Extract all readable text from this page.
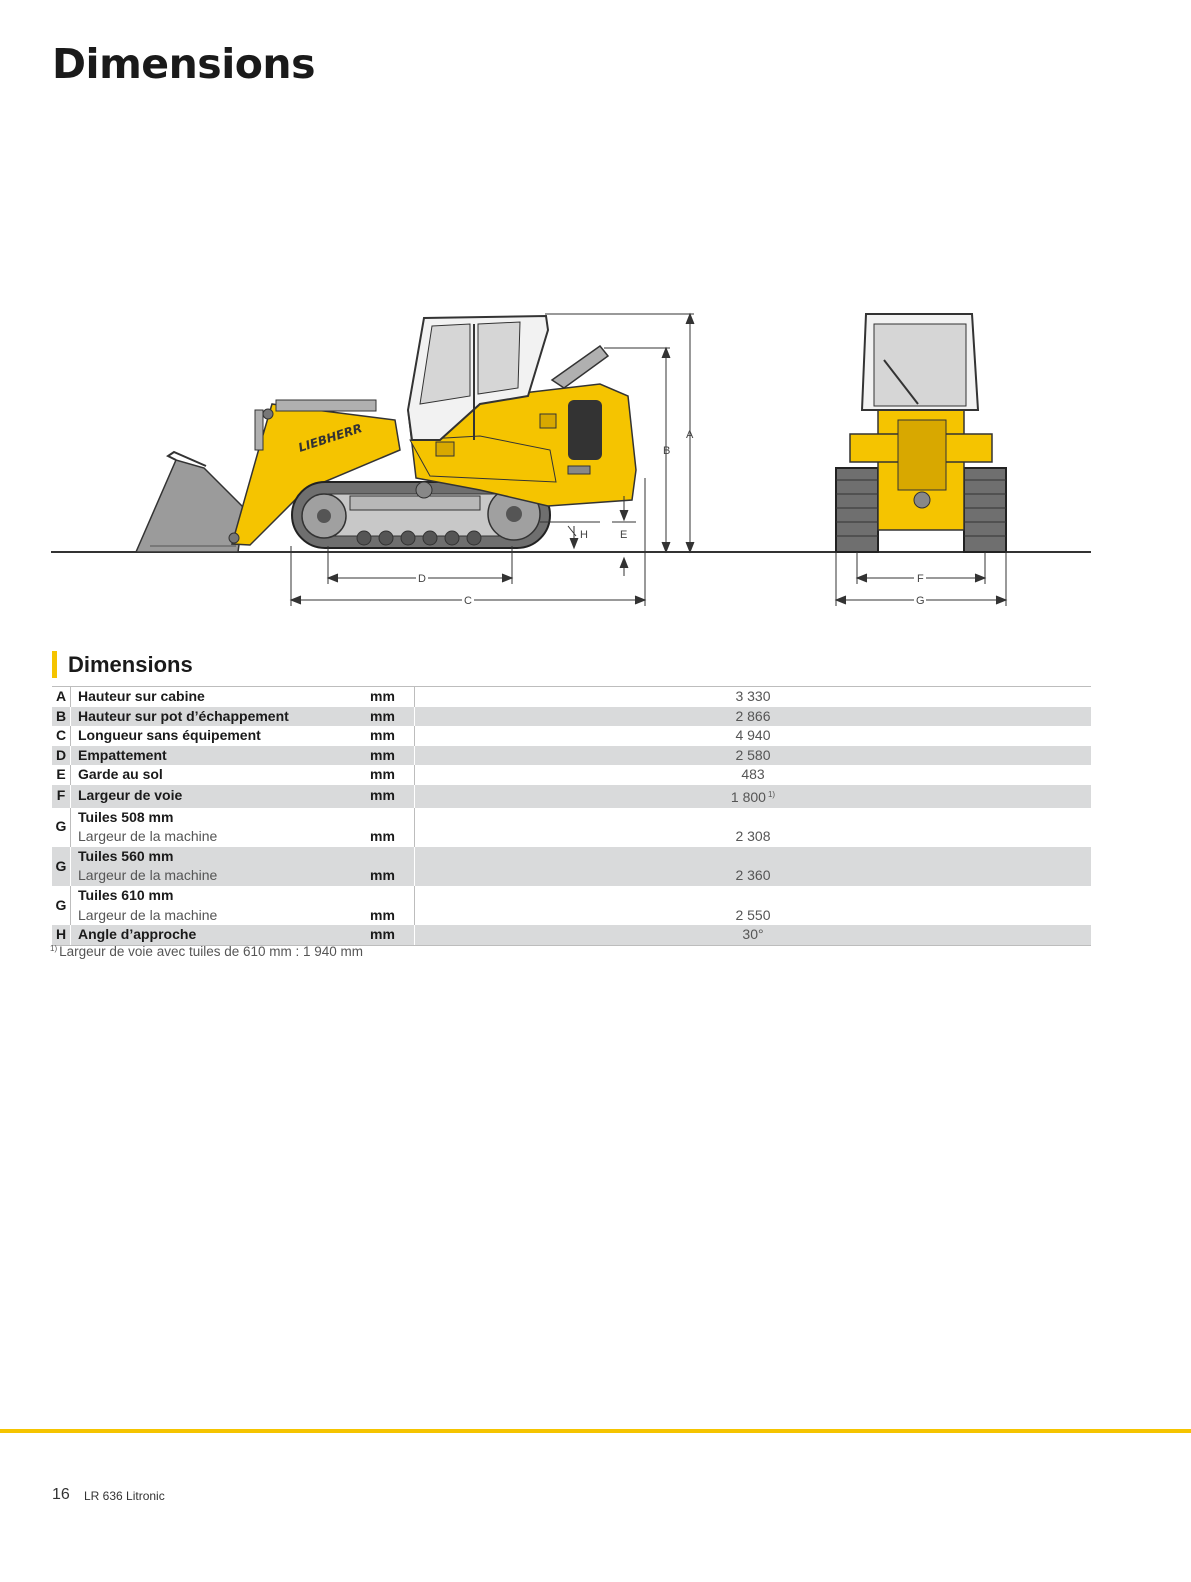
Dimensions
LIEBHERR	A
B
C
D
E
H
F
G
Dimensions
A	Hauteur sur cabine	mm	3 330
B	Hauteur sur pot d’échappement	mm	2 866
C	Longueur sans équipement	mm	4 940
D	Empattement	mm	2 580
E	Garde au sol	mm	483
F	Largeur de voie	mm	1 800 $^{1)}$
G	Tuiles 508 mm
Largeur de la machine	mm	2 308
G	Tuiles 560 mm
Largeur de la machine	mm	2 360
G	Tuiles 610 mm
Largeur de la machine	mm	2 550
H	Angle d’approche	mm	30°
$^{1)}$ Largeur de voie avec tuiles de 610 mm : 1 940 mm
16 LR 636 Litronic
